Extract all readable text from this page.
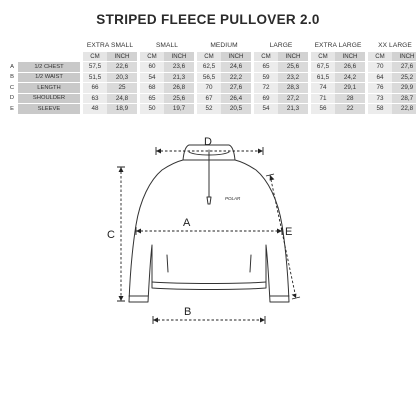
STRIPED FLEECE PULLOVER 2.0
			EXTRA SMALL			SMALL			MEDIUM			LARGE			EXTRA LARGE			XX LARGE	
			CM	INCH		CM	INCH		CM	INCH		CM	INCH		CM	INCH		CM	INCH
A	1/2 CHEST		57,5	22,6		60	23,6		62,5	24,6		65	25,6		67,5	26,6		70	27,6
B	1/2 WAIST		51,5	20,3		54	21,3		56,5	22,2		59	23,2		61,5	24,2		64	25,2
C	LENGTH		66	25		68	26,8		70	27,6		72	28,3		74	29,1		76	29,9
D	SHOULDER		63	24,8		65	25,6		67	26,4		69	27,2		71	28		73	28,7
E	SLEEVE		48	18,9		50	19,7		52	20,5		54	21,3		56	22		58	22,8
POLAR
D
A
B
C	E
